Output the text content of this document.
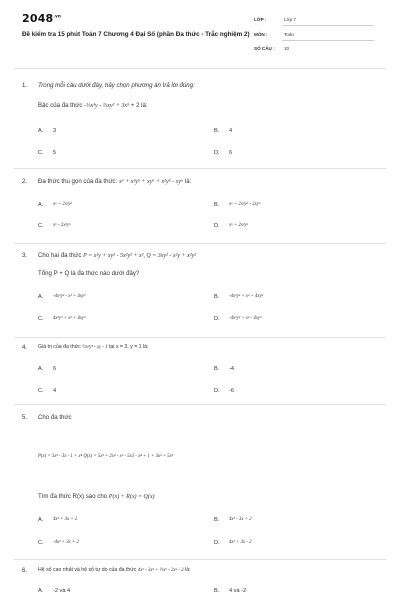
$2048^{.vn}$
Đề kiểm tra 15 phút Toán 7 Chương 4 Đại Số (phần Đa thức - Trắc nghiệm 2)
LỚP :	Lớp 7
MÔN :	Toán
SỐ CÂU : 10
1. Trong mỗi câu dưới đây, hãy chọn phương án trả lời đúng:
Bậc của đa thức -⅓x³y - ⅔xy² + 3x⁵ + 2 là:
A. 3	B. 4
C. 5	D. 6
2. Đa thức thu gọn của đa thức: x⁶ + x²y⁵ + xy⁶ + x²y⁵ - xy⁶ là:
A. x⁶ + 2x²y⁵	B. x⁶ + 2x²y⁵ - 2xy⁶
C. x⁶ - 2x²y⁵	D. x⁶ + 2x²y⁵
3. Cho hai đa thức P = x²y + xy² - 5x²y² + x³, Q = 3xy² - x²y + x²y²
Tổng P + Q là đa thức nào dưới đây?
A. -4x²y² - x³ + 4xy²	B. -4x²y² + x³ + 4xy²
C. 4x²y² + x³ + 4xy²	D. -4x²y² + x³ - 4xy²
4. Giá trị của đa thức ½x²y² - xy - 1 tại x = 3, y = 1 là:
A. 6	B. -4
C. 4	D. -6
5. Cho đa thức
P(x) = 3x² - 3x - 1 + x⁴ Q(x) = 5x³ + 2x⁴ - x² - 5x3 - x⁴ + 1 + 3x² + 5x²
Tìm đa thức R(x) sao cho P(x) + R(x) = Q(x)
A. 4x² + 3x + 2	B. 4x² - 3x + 2
C. -4x² + 3x + 2	D. 4x² + 3x - 2
6. Hệ số cao nhất và hệ số tự do của đa thức 4x⁵ - 3x² + ⅔x⁵ - 2x⁵ - 2 là:
A. -2 và 4	B. 4 và -2
